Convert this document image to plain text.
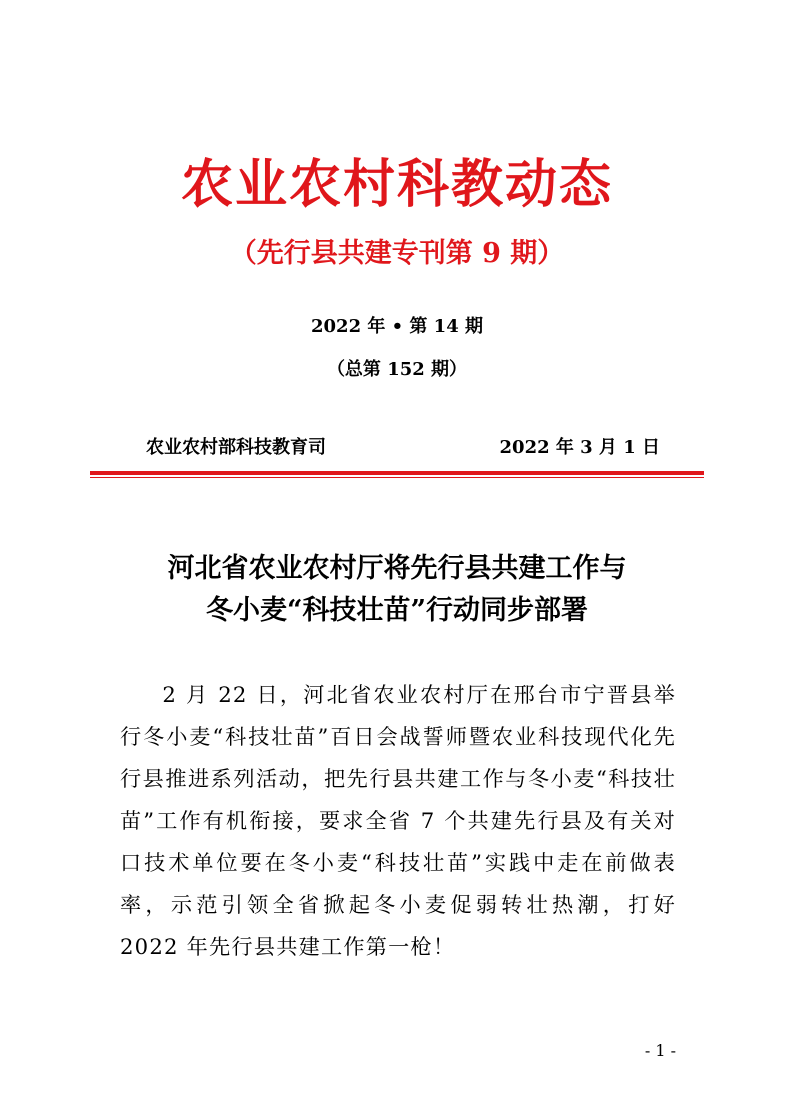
农业农村科教动态
（先行县共建专刊第 9 期）
2022 年 • 第 14 期
（总第 152 期）
农业农村部科技教育司	2022 年 3 月 1 日
河北省农业农村厅将先行县共建工作与
冬小麦“科技壮苗”行动同步部署
2 月 22 日，河北省农业农村厅在邢台市宁晋县举行冬小麦“科技壮苗”百日会战誓师暨农业科技现代化先行县推进系列活动，把先行县共建工作与冬小麦“科技壮苗”工作有机衔接，要求全省 7 个共建先行县及有关对口技术单位要在冬小麦“科技壮苗”实践中走在前做表率，示范引领全省掀起冬小麦促弱转壮热潮，打好 2022 年先行县共建工作第一枪！
- 1 -
